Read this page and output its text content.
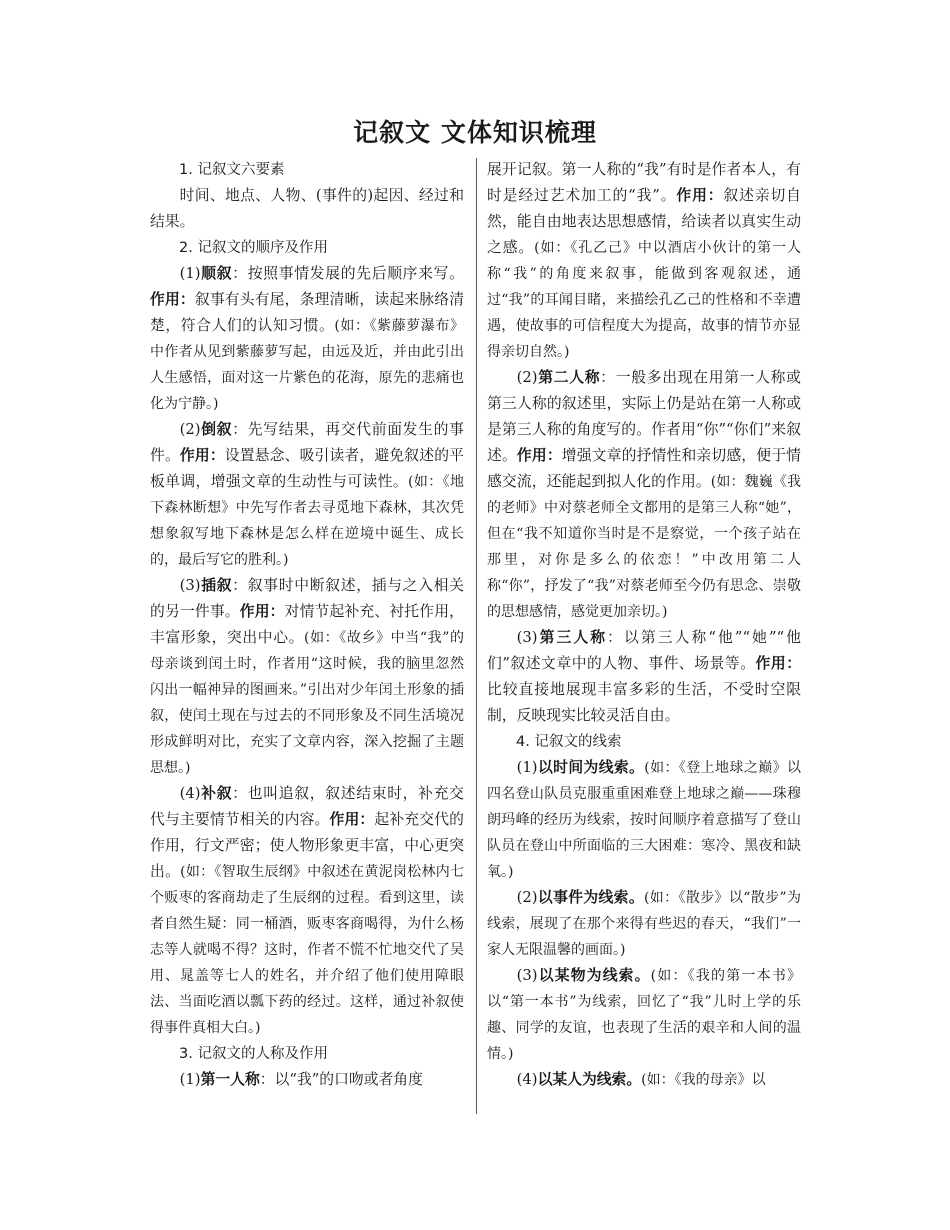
记叙文 文体知识梳理

1. 记叙文六要素

时间、地点、人物、(事件的)起因、经过和结果。

2. 记叙文的顺序及作用

(1)顺叙：按照事情发展的先后顺序来写。作用：叙事有头有尾，条理清晰，读起来脉络清楚，符合人们的认知习惯。(如：《紫藤萝瀑布》中作者从见到紫藤萝写起，由远及近，并由此引出人生感悟，面对这一片紫色的花海，原先的悲痛也化为宁静。)

(2)倒叙：先写结果，再交代前面发生的事件。作用：设置悬念、吸引读者，避免叙述的平板单调，增强文章的生动性与可读性。(如：《地下森林断想》中先写作者去寻觅地下森林，其次凭想象叙写地下森林是怎么样在逆境中诞生、成长的，最后写它的胜利。)

(3)插叙：叙事时中断叙述，插与之入相关的另一件事。作用：对情节起补充、衬托作用，丰富形象，突出中心。(如：《故乡》中当“我”的母亲谈到闰土时，作者用“这时候，我的脑里忽然闪出一幅神异的图画来。”引出对少年闰土形象的插叙，使闰土现在与过去的不同形象及不同生活境况形成鲜明对比，充实了文章内容，深入挖掘了主题思想。)

(4)补叙：也叫追叙，叙述结束时，补充交代与主要情节相关的内容。作用：起补充交代的作用，行文严密；使人物形象更丰富，中心更突出。(如：《智取生辰纲》中叙述在黄泥岗松林内七个贩枣的客商劫走了生辰纲的过程。看到这里，读者自然生疑：同一桶酒，贩枣客商喝得，为什么杨志等人就喝不得？这时，作者不慌不忙地交代了吴用、晁盖等七人的姓名，并介绍了他们使用障眼法、当面吃酒以瓢下药的经过。这样，通过补叙使得事件真相大白。)

3. 记叙文的人称及作用

(1)第一人称：以“我”的口吻或者角度

展开记叙。第一人称的“我”有时是作者本人，有时是经过艺术加工的“我”。作用：叙述亲切自然，能自由地表达思想感情，给读者以真实生动之感。(如：《孔乙己》中以酒店小伙计的第一人称“我”的角度来叙事，能做到客观叙述，通过“我”的耳闻目睹，来描绘孔乙己的性格和不幸遭遇，使故事的可信程度大为提高，故事的情节亦显得亲切自然。)

(2)第二人称：一般多出现在用第一人称或第三人称的叙述里，实际上仍是站在第一人称或是第三人称的角度写的。作者用“你”“你们”来叙述。作用：增强文章的抒情性和亲切感，便于情感交流，还能起到拟人化的作用。(如：魏巍《我的老师》中对蔡老师全文都用的是第三人称“她”，但在“我不知道你当时是不是察觉，一个孩子站在那里，对你是多么的依恋！”中改用第二人称“你”，抒发了“我”对蔡老师至今仍有思念、崇敬的思想感情，感觉更加亲切。)

(3)第三人称：以第三人称“他”“她”“他们”叙述文章中的人物、事件、场景等。作用：比较直接地展现丰富多彩的生活，不受时空限制，反映现实比较灵活自由。

4. 记叙文的线索

(1)以时间为线索。(如：《登上地球之巅》以四名登山队员克服重重困难登上地球之巅——珠穆朗玛峰的经历为线索，按时间顺序着意描写了登山队员在登山中所面临的三大困难：寒冷、黑夜和缺氧。)

(2)以事件为线索。(如：《散步》以“散步”为线索，展现了在那个来得有些迟的春天，“我们”一家人无限温馨的画面。)

(3)以某物为线索。(如：《我的第一本书》以“第一本书”为线索，回忆了“我”儿时上学的乐趣、同学的友谊，也表现了生活的艰辛和人间的温情。)

(4)以某人为线索。(如：《我的母亲》以
